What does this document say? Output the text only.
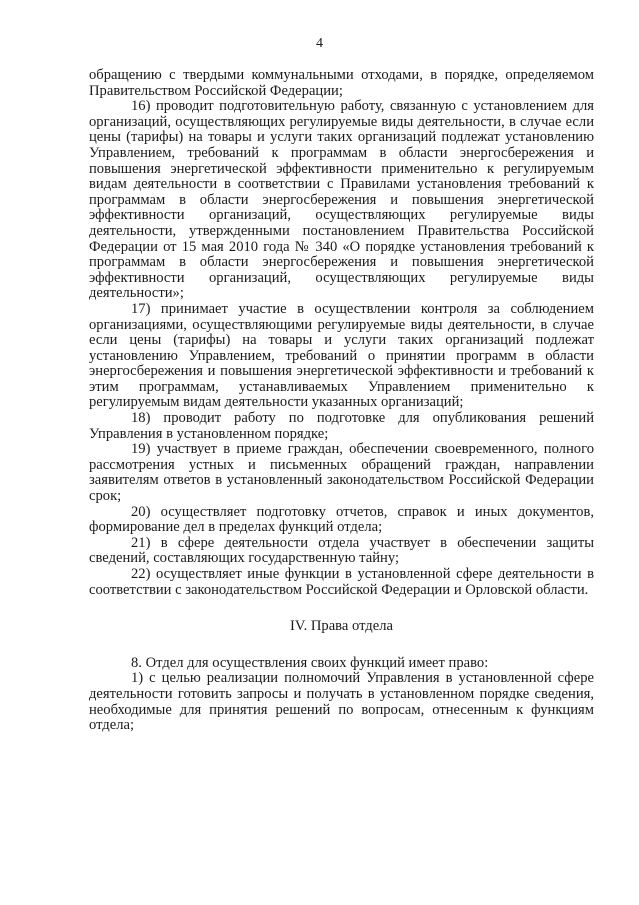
4

обращению с твердыми коммунальными отходами, в порядке, определяемом Правительством Российской Федерации;

16) проводит подготовительную работу, связанную с установлением для организаций, осуществляющих регулируемые виды деятельности, в случае если цены (тарифы) на товары и услуги таких организаций подлежат установлению Управлением, требований к программам в области энергосбережения и повышения энергетической эффективности применительно к регулируемым видам деятельности в соответствии с Правилами установления требований к программам в области энергосбережения и повышения энергетической эффективности организаций, осуществляющих регулируемые виды деятельности, утвержденными постановлением Правительства Российской Федерации от 15 мая 2010 года № 340 «О порядке установления требований к программам в области энергосбережения и повышения энергетической эффективности организаций, осуществляющих регулируемые виды деятельности»;

17) принимает участие в осуществлении контроля за соблюдением организациями, осуществляющими регулируемые виды деятельности, в случае если цены (тарифы) на товары и услуги таких организаций подлежат установлению Управлением, требований о принятии программ в области энергосбережения и повышения энергетической эффективности и требований к этим программам, устанавливаемых Управлением применительно к регулируемым видам деятельности указанных организаций;

18) проводит работу по подготовке для опубликования решений Управления в установленном порядке;

19) участвует в приеме граждан, обеспечении своевременного, полного рассмотрения устных и письменных обращений граждан, направлении заявителям ответов в установленный законодательством Российской Федерации срок;

20) осуществляет подготовку отчетов, справок и иных документов, формирование дел в пределах функций отдела;

21) в сфере деятельности отдела участвует в обеспечении защиты сведений, составляющих государственную тайну;

22) осуществляет иные функции в установленной сфере деятельности в соответствии с законодательством Российской Федерации и Орловской области.

IV. Права отдела

8. Отдел для осуществления своих функций имеет право:

1) с целью реализации полномочий Управления в установленной сфере деятельности готовить запросы и получать в установленном порядке сведения, необходимые для принятия решений по вопросам, отнесенным к функциям отдела;
